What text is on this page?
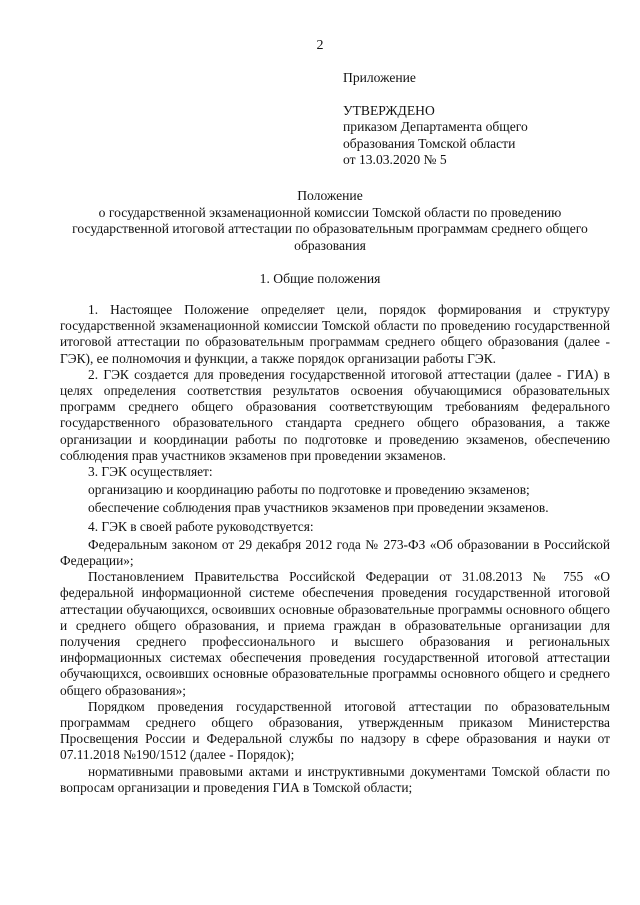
2
Приложение
УТВЕРЖДЕНО
приказом Департамента общего
образования Томской области
от 13.03.2020 № 5
Положение
о государственной экзаменационной комиссии Томской области по проведению государственной итоговой аттестации по образовательным программам среднего общего образования
1. Общие положения

1. Настоящее Положение определяет цели, порядок формирования и структуру государственной экзаменационной комиссии Томской области по проведению государственной итоговой аттестации по образовательным программам среднего общего образования (далее - ГЭК), ее полномочия и функции, а также порядок организации работы ГЭК.

2. ГЭК создается для проведения государственной итоговой аттестации (далее - ГИА) в целях определения соответствия результатов освоения обучающимися образовательных программ среднего общего образования соответствующим требованиям федерального государственного образовательного стандарта среднего общего образования, а также организации и координации работы по подготовке и проведению экзаменов, обеспечению соблюдения прав участников экзаменов при проведении экзаменов.

3. ГЭК осуществляет:

организацию и координацию работы по подготовке и проведению экзаменов;

обеспечение соблюдения прав участников экзаменов при проведении экзаменов.

4. ГЭК в своей работе руководствуется:

Федеральным законом от 29 декабря 2012 года № 273-ФЗ «Об образовании в Российской Федерации»;

Постановлением Правительства Российской Федерации от 31.08.2013 № 755 «О федеральной информационной системе обеспечения проведения государственной итоговой аттестации обучающихся, освоивших основные образовательные программы основного общего и среднего общего образования, и приема граждан в образовательные организации для получения среднего профессионального и высшего образования и региональных информационных системах обеспечения проведения государственной итоговой аттестации обучающихся, освоивших основные образовательные программы основного общего и среднего общего образования»;

Порядком проведения государственной итоговой аттестации по образовательным программам среднего общего образования, утвержденным приказом Министерства Просвещения России и Федеральной службы по надзору в сфере образования и науки от 07.11.2018 №190/1512 (далее - Порядок);

нормативными правовыми актами и инструктивными документами Томской области по вопросам организации и проведения ГИА в Томской области;
